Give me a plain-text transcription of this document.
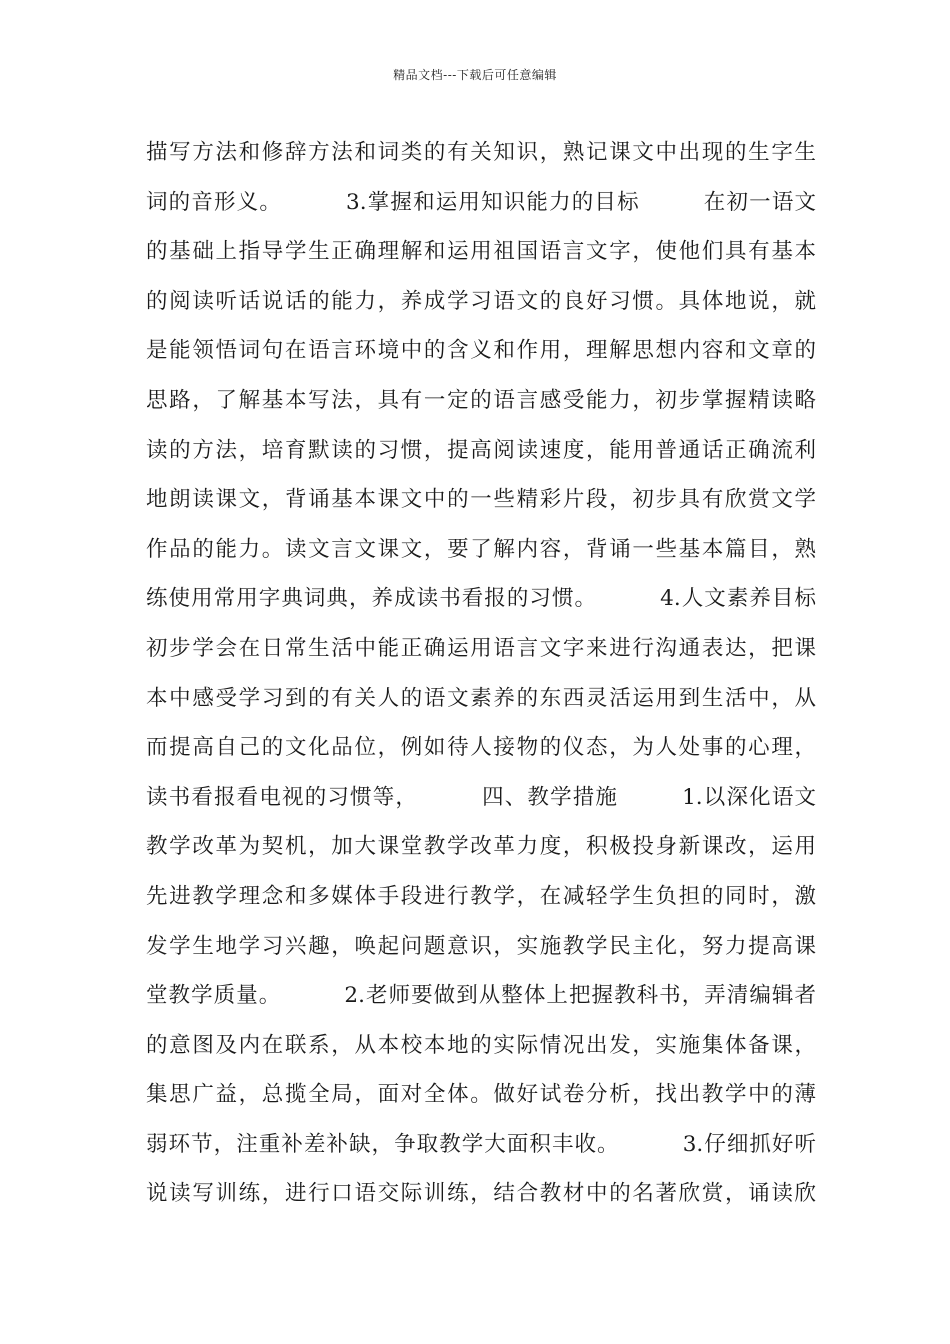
精品文档---下载后可任意编辑
描写方法和修辞方法和词类的有关知识，熟记课文中出现的生字生
词的音形义。        3.掌握和运用知识能力的目标        在初一语文
的基础上指导学生正确理解和运用祖国语言文字，使他们具有基本
的阅读听话说话的能力，养成学习语文的良好习惯。具体地说，就
是能领悟词句在语言环境中的含义和作用，理解思想内容和文章的
思路，了解基本写法，具有一定的语言感受能力，初步掌握精读略
读的方法，培育默读的习惯，提高阅读速度，能用普通话正确流利
地朗读课文，背诵基本课文中的一些精彩片段，初步具有欣赏文学
作品的能力。读文言文课文，要了解内容，背诵一些基本篇目，熟
练使用常用字典词典，养成读书看报的习惯。        4.人文素养目标
初步学会在日常生活中能正确运用语言文字来进行沟通表达，把课
本中感受学习到的有关人的语文素养的东西灵活运用到生活中，从
而提高自己的文化品位，例如待人接物的仪态，为人处事的心理，
读书看报看电视的习惯等，        四、教学措施        1.以深化语文
教学改革为契机，加大课堂教学改革力度，积极投身新课改，运用
先进教学理念和多媒体手段进行教学，在减轻学生负担的同时，激
发学生地学习兴趣，唤起问题意识，实施教学民主化，努力提高课
堂教学质量。        2.老师要做到从整体上把握教科书，弄清编辑者
的意图及内在联系，从本校本地的实际情况出发，实施集体备课，
集思广益，总揽全局，面对全体。做好试卷分析，找出教学中的薄
弱环节，注重补差补缺，争取教学大面积丰收。        3.仔细抓好听
说读写训练，进行口语交际训练，结合教材中的名著欣赏，诵读欣
